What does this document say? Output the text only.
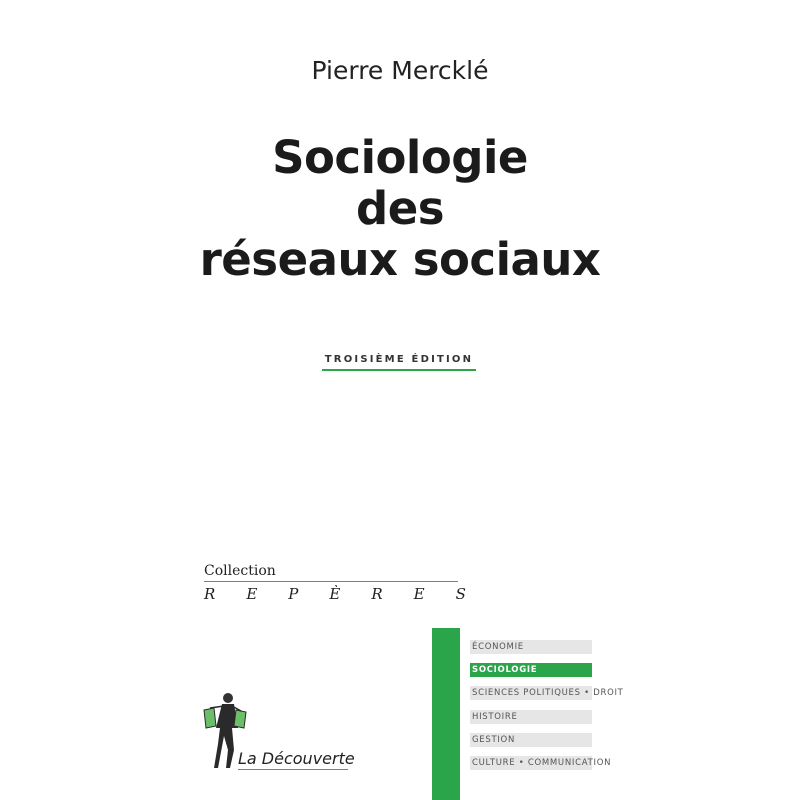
Pierre Mercklé
Sociologie
des
réseaux sociaux
TROISIÈME ÉDITION
Collection
R E P È R E S
ÉCONOMIE
SOCIOLOGIE
SCIENCES POLITIQUES • DROIT
HISTOIRE
GESTION
CULTURE • COMMUNICATION
La Découverte
